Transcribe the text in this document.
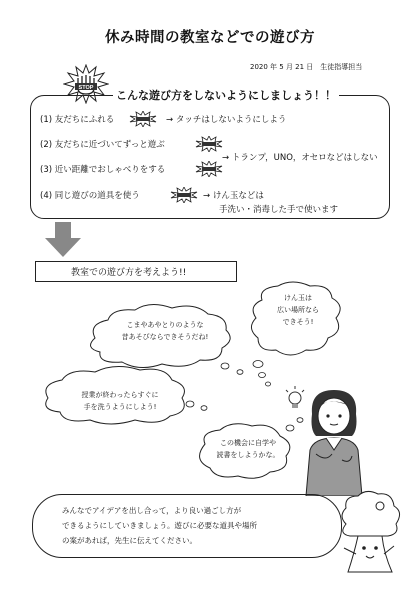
休み時間の教室などでの遊び方
2020 年 5 月 21 日　生徒指導担当
STOP
こんな遊び方をしないようにしましょう！！
(1) 友だちにふれる	→ タッチはしないようにしよう
(2) 友だちに近づいてずっと遊ぶ
→ トランプ，UNO，オセロなどはしない
(3) 近い距離でおしゃべりをする
(4) 同じ遊びの道具を使う	→ けん玉などは
手洗い・消毒した手で使います
教室での遊び方を考えよう!!
こまやあやとりのような
昔あそびならできそうだね!
けん玉は
広い場所なら
できそう!
授業が終わったらすぐに
手を洗うようにしよう!
この機会に自学や
読書をしようかな。
みんなでアイデアを出し合って，より良い過ごし方が
できるようにしていきましょう。遊びに必要な道具や場所
の案があれば，先生に伝えてください。
